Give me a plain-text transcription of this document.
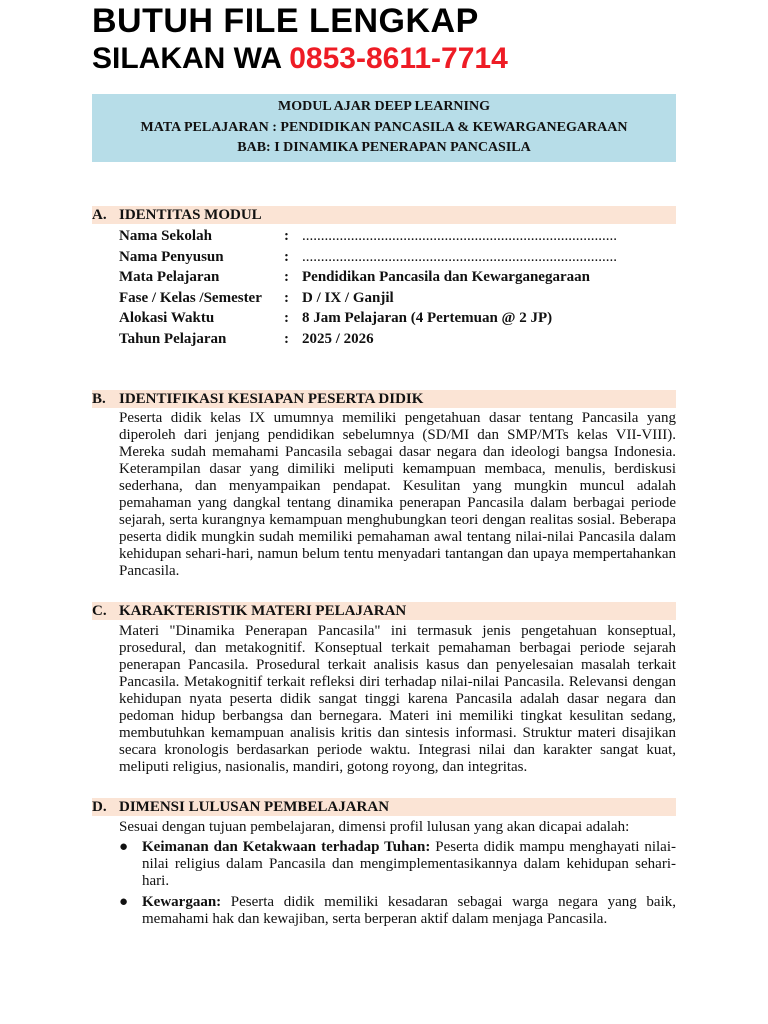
BUTUH FILE LENGKAP
SILAKAN WA 0853-8611-7714
MODUL AJAR DEEP LEARNING
MATA PELAJARAN : PENDIDIKAN PANCASILA & KEWARGANEGARAAN
BAB: I DINAMIKA PENERAPAN PANCASILA
A. IDENTITAS MODUL
Nama Sekolah	: ....................................................................................
Nama Penyusun	: ....................................................................................
Mata Pelajaran	: Pendidikan Pancasila dan Kewarganegaraan
Fase / Kelas /Semester : D / IX / Ganjil
Alokasi Waktu	: 8 Jam Pelajaran (4 Pertemuan @ 2 JP)
Tahun Pelajaran	: 2025 / 2026
B. IDENTIFIKASI KESIAPAN PESERTA DIDIK

Peserta didik kelas IX umumnya memiliki pengetahuan dasar tentang Pancasila yang diperoleh dari jenjang pendidikan sebelumnya (SD/MI dan SMP/MTs kelas VII-VIII). Mereka sudah memahami Pancasila sebagai dasar negara dan ideologi bangsa Indonesia. Keterampilan dasar yang dimiliki meliputi kemampuan membaca, menulis, berdiskusi sederhana, dan menyampaikan pendapat. Kesulitan yang mungkin muncul adalah pemahaman yang dangkal tentang dinamika penerapan Pancasila dalam berbagai periode sejarah, serta kurangnya kemampuan menghubungkan teori dengan realitas sosial. Beberapa peserta didik mungkin sudah memiliki pemahaman awal tentang nilai-nilai Pancasila dalam kehidupan sehari-hari, namun belum tentu menyadari tantangan dan upaya mempertahankan Pancasila.

C. KARAKTERISTIK MATERI PELAJARAN

Materi "Dinamika Penerapan Pancasila" ini termasuk jenis pengetahuan konseptual, prosedural, dan metakognitif. Konseptual terkait pemahaman berbagai periode sejarah penerapan Pancasila. Prosedural terkait analisis kasus dan penyelesaian masalah terkait Pancasila. Metakognitif terkait refleksi diri terhadap nilai-nilai Pancasila. Relevansi dengan kehidupan nyata peserta didik sangat tinggi karena Pancasila adalah dasar negara dan pedoman hidup berbangsa dan bernegara. Materi ini memiliki tingkat kesulitan sedang, membutuhkan kemampuan analisis kritis dan sintesis informasi. Struktur materi disajikan secara kronologis berdasarkan periode waktu. Integrasi nilai dan karakter sangat kuat, meliputi religius, nasionalis, mandiri, gotong royong, dan integritas.

D. DIMENSI LULUSAN PEMBELAJARAN

Sesuai dengan tujuan pembelajaran, dimensi profil lulusan yang akan dicapai adalah:

● Keimanan dan Ketakwaan terhadap Tuhan: Peserta didik mampu menghayati nilai-nilai religius dalam Pancasila dan mengimplementasikannya dalam kehidupan sehari-hari.
● Kewargaan: Peserta didik memiliki kesadaran sebagai warga negara yang baik, memahami hak dan kewajiban, serta berperan aktif dalam menjaga Pancasila.
